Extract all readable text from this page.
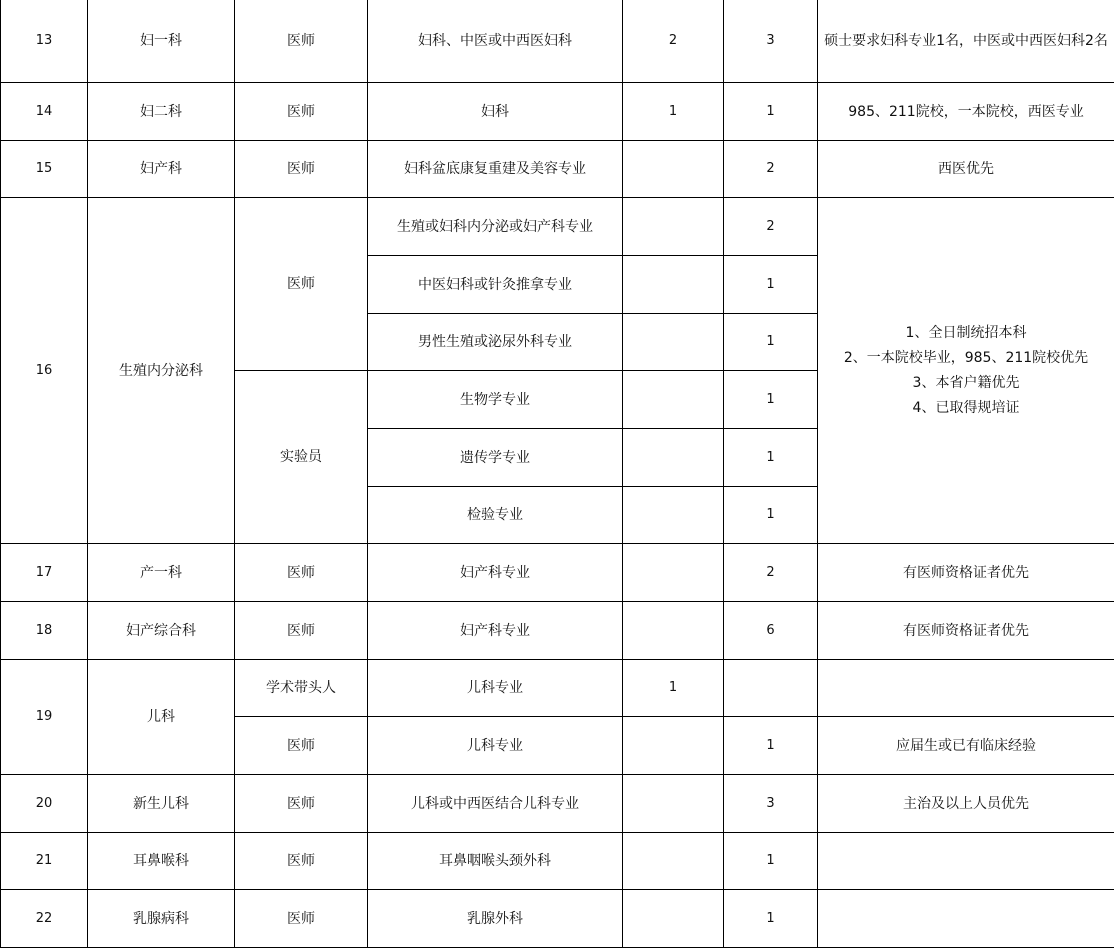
13	妇一科	医师	妇科、中医或中西医妇科	2	3	硕士要求妇科专业1名，中医或中西医妇科2名
14	妇二科	医师	妇科	1	1	985、211院校，一本院校，西医专业
15	妇产科	医师	妇科盆底康复重建及美容专业		2	西医优先
16	生殖内分泌科	医师	生殖或妇科内分泌或妇产科专业		2	1、全日制统招本科
2、一本院校毕业，985、211院校优先
3、本省户籍优先
4、已取得规培证

			中医妇科或针灸推拿专业		1	
			男性生殖或泌尿外科专业		1	
		实验员	生物学专业		1	
			遗传学专业		1	
			检验专业		1	
17	产一科	医师	妇产科专业		2	有医师资格证者优先
18	妇产综合科	医师	妇产科专业		6	有医师资格证者优先
19	儿科	学术带头人	儿科专业	1		
		医师	儿科专业		1	应届生或已有临床经验
20	新生儿科	医师	儿科或中西医结合儿科专业		3	主治及以上人员优先
21	耳鼻喉科	医师	耳鼻咽喉头颈外科		1	
22	乳腺病科	医师	乳腺外科		1	
